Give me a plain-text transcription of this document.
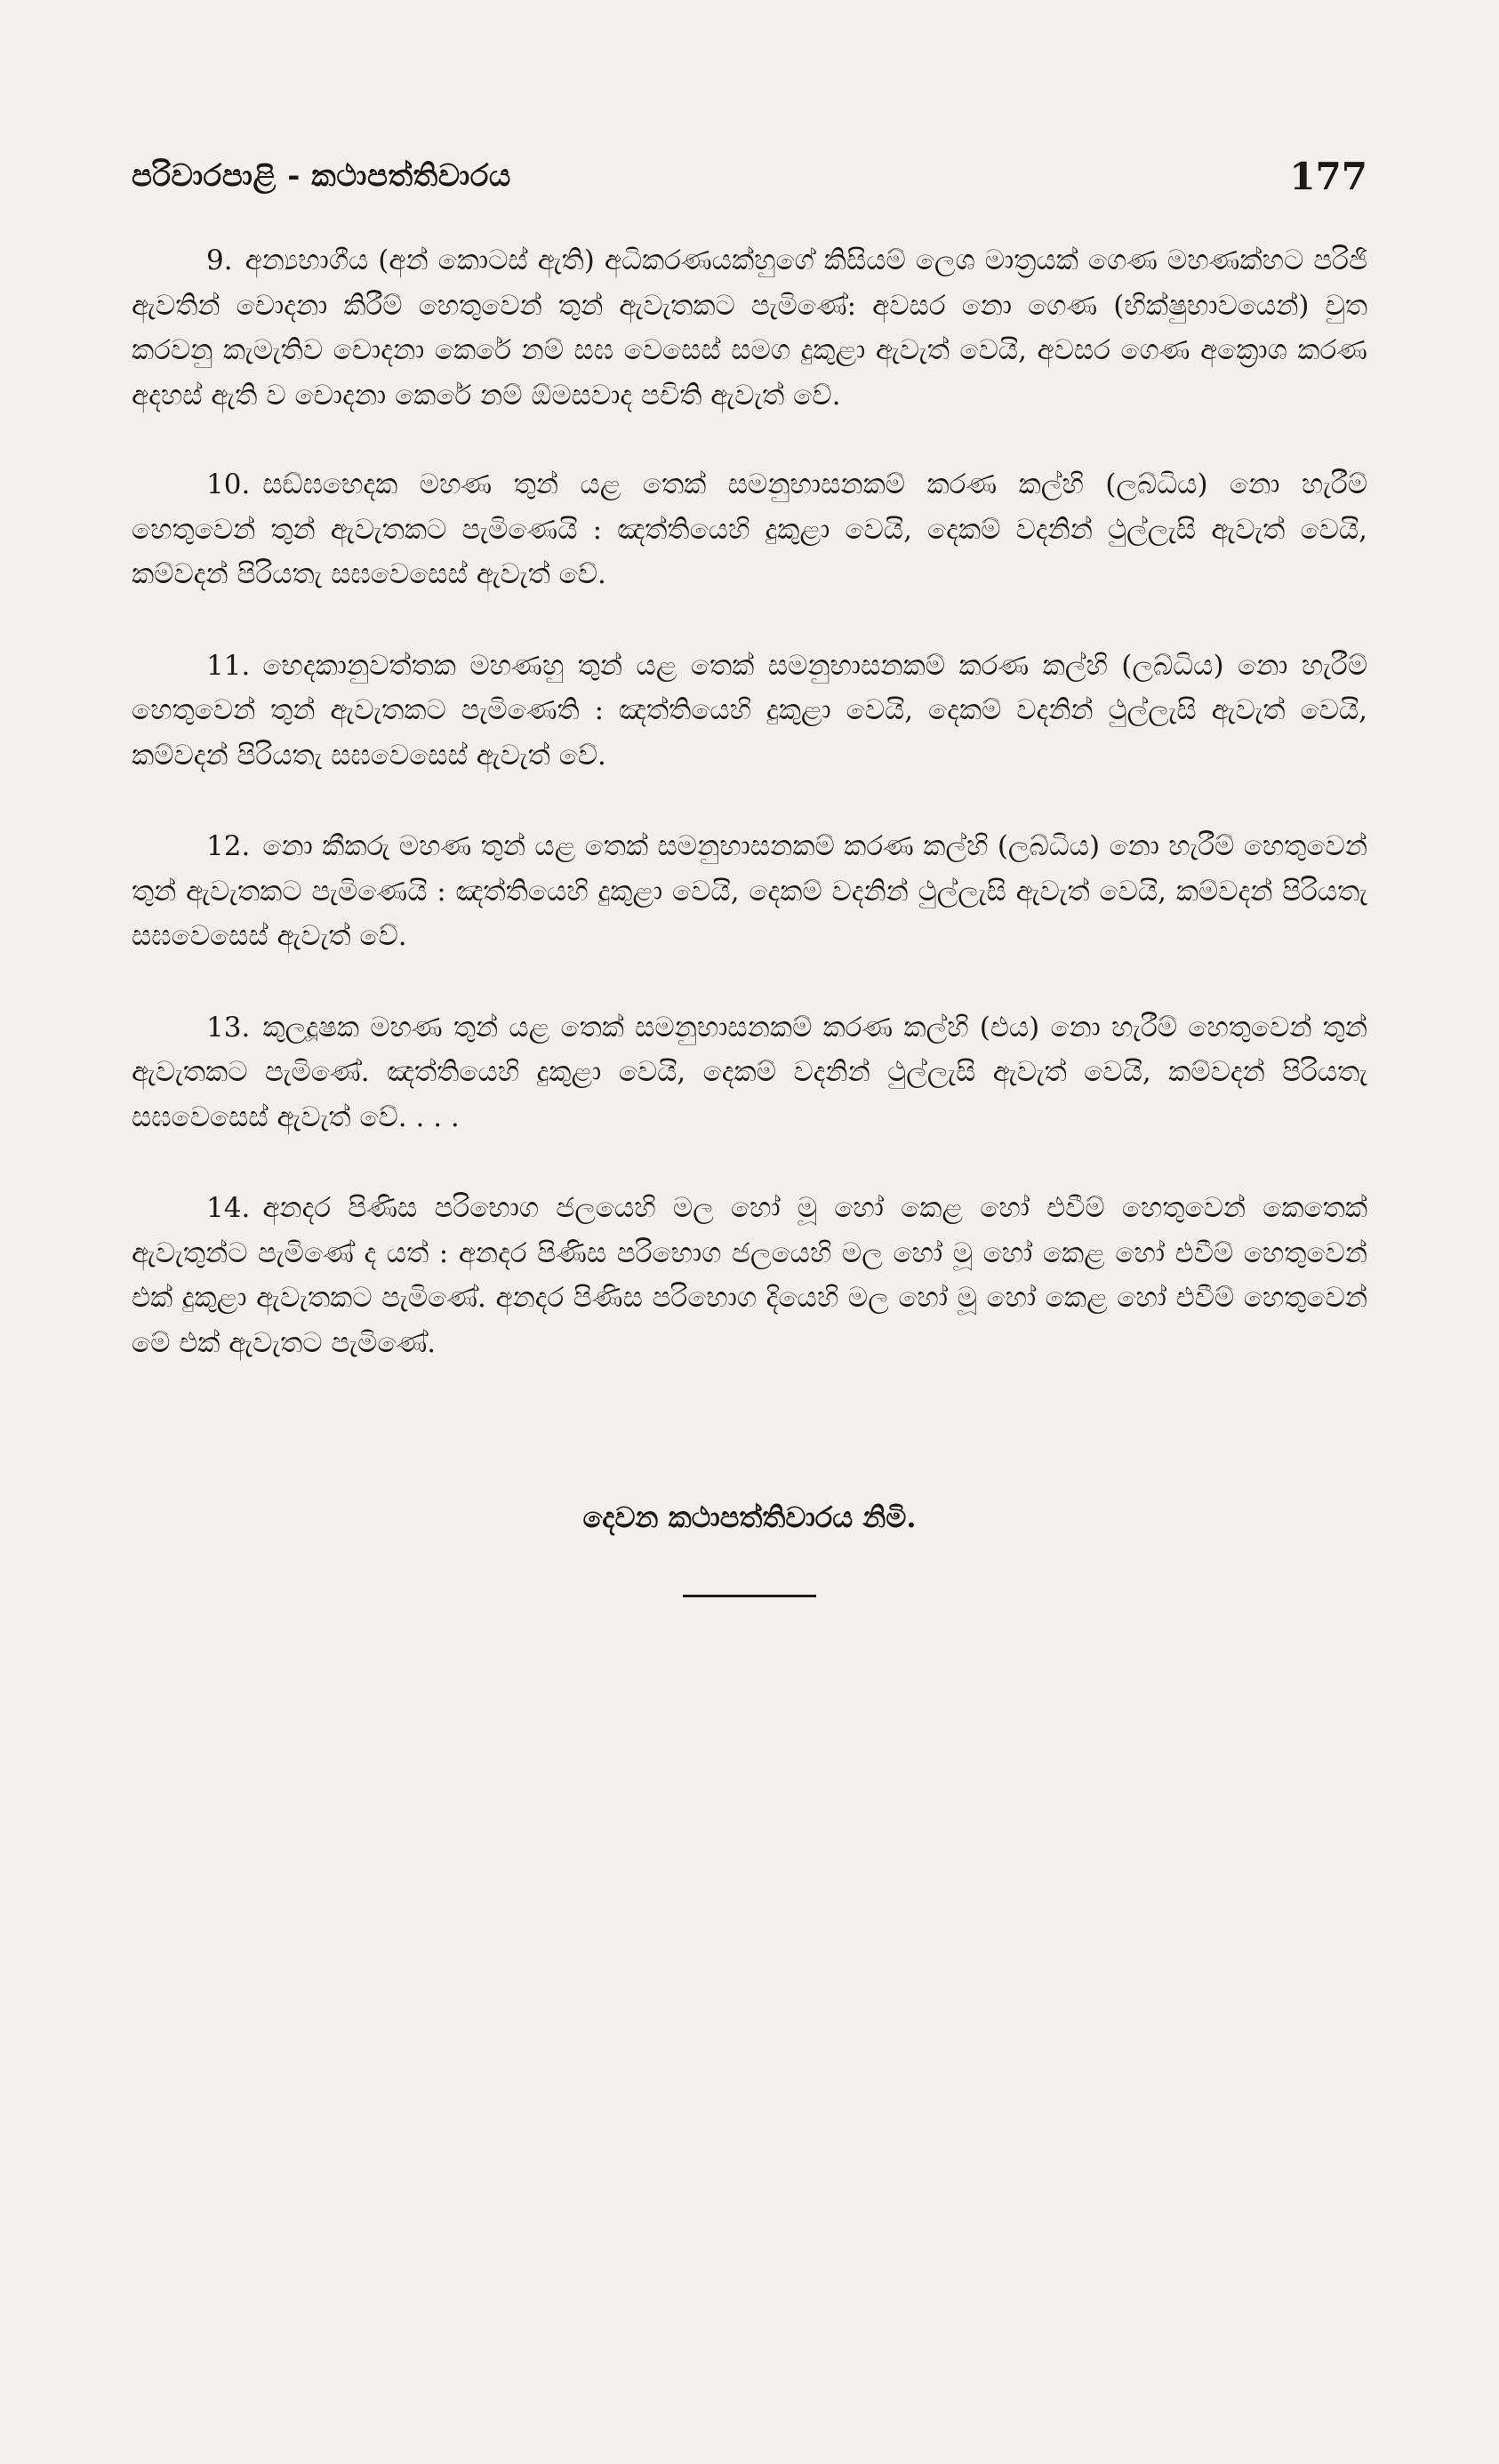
පරිවාරපාළි - කථාපත්තිවාරය	177

9. අන්‍යභාගීය (අන් කොටස් ඇති) අධිකරණයක්හුගේ කිසියම් ලෙශ මාත්‍රයක් ගෙණ මහණක්හට පරිජි ඇවතින් චොදනා කිරීම් හෙතුවෙන් තුන් ඇවැතකට පැමිණේ: අවසර නො ගෙණ (භික්ෂුභාවයෙන්) චුත කරවනු කැමැතිව චොදනා කෙරේ නම් සඝ වෙසෙස් සමග දුකුළා ඇවැත් වෙයි, අවසර ගෙණ අක්‍රොශ කරණ අදහස් ඇති ව චොදනා කෙරේ නම් ඕමසවාද පචිති ඇවැත් වේ.

10. සඞ්ඝභෙදක මහණ තුන් යළ තෙක් සමනුභාසනකම් කරණ කල්හි (ලබ්ධිය) නො හැරීම් හෙතුවෙන් තුන් ඇවැතකට පැමිණෙයි : ඤත්තියෙහි දුකුළා වෙයි, දෙකම් වදනින් ථුල්ලැසි ඇවැත් වෙයි, කම්වදන් පිරියතැ සඝවෙසෙස් ඇවැත් වේ.

11. භෙදකානුවත්තක මහණහු තුන් යළ තෙක් සමනුභාසනකම් කරණ කල්හි (ලබ්ධිය) නො හැරීම් හෙතුවෙන් තුන් ඇවැතකට පැමිණෙති : ඤත්තියෙහි දුකුළා වෙයි, දෙකම් වදනින් ථුල්ලැසි ඇවැත් වෙයි, කම්වදන් පිරියතැ සඝවෙසෙස් ඇවැත් වේ.

12. නො කීකරු මහණ තුන් යළ තෙක් සමනුභාසනකම් කරණ කල්හි (ලබ්ධිය) නො හැරීම් හෙතුවෙන් තුන් ඇවැතකට පැමිණෙයි : ඤත්තියෙහි දුකුළා වෙයි, දෙකම් වදනින් ථුල්ලැසි ඇවැත් වෙයි, කම්වදන් පිරියතැ සඝවෙසෙස් ඇවැත් වේ.

13. කුලදූෂක මහණ තුන් යළ තෙක් සමනුභාසනකම් කරණ කල්හි (එය) නො හැරීම් හෙතුවෙන් තුන් ඇවැතකට පැමිණේ. ඤත්තියෙහි දුකුළා වෙයි, දෙකම් වදනින් ථුල්ලැසි ඇවැත් වෙයි, කම්වදන් පිරියතැ සඝවෙසෙස් ඇවැත් වේ. . . .

14. අනදර පිණිස පරිභොග ජලයෙහි මල හෝ මූ හෝ කෙළ හෝ එවීම් හෙතුවෙන් කෙතෙක් ඇවැතුන්ට පැමිණේ ද යත් : අනදර පිණිස පරිභොග ජලයෙහි මල හෝ මූ හෝ කෙළ හෝ එවීම් හෙතුවෙන් එක් දුකුළා ඇවැතකට පැමිණේ. අනදර පිණිස පරිභොග දියෙහි මල හෝ මූ හෝ කෙළ හෝ එවීම් හෙතුවෙන් මේ එක් ඇවැතට පැමිණේ.

දෙවන කථාපත්තිවාරය නිමි.
